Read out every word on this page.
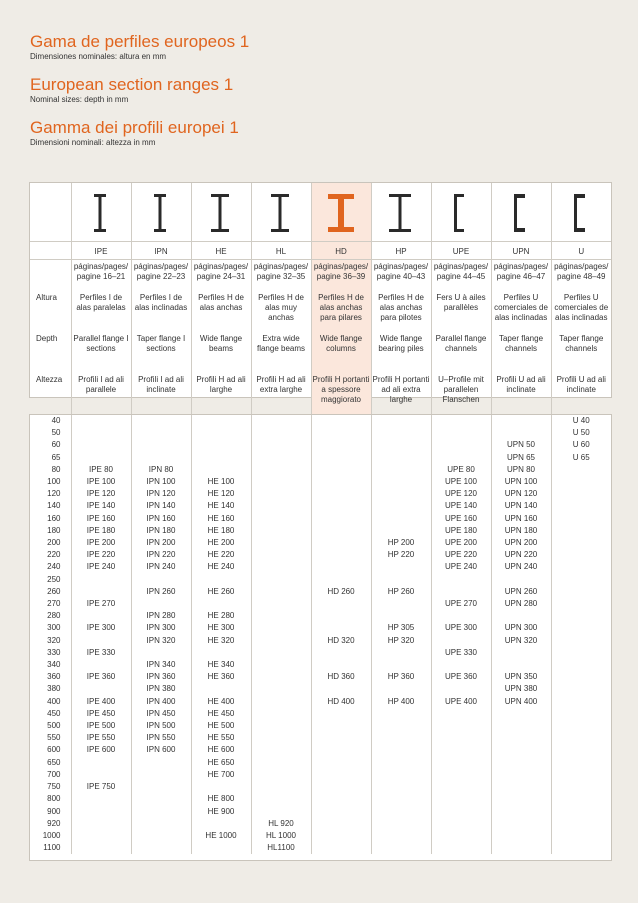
Gama de perfiles europeos 1
Dimensiones nominales: altura en mm
European section ranges 1
Nominal sizes: depth in mm
Gamma dei profili europei 1
Dimensioni nominali: altezza in mm

	IPE	IPN	HE	HL	HD	HP	UPE	UPN	U
	páginas/pages/ pagine 16–21	páginas/pages/ pagine 22–23	páginas/pages/ pagine 24–31	páginas/pages/ pagine 32–35	páginas/pages/ pagine 36–39	páginas/pages/ pagine 40–43	páginas/pages/ pagine 44–45	páginas/pages/ pagine 46–47	páginas/pages/ pagine 48–49
Altura	Perfiles I de alas paralelas	Perfiles I de alas inclinadas	Perfiles H de alas anchas	Perfiles H de alas muy anchas	Perfiles H de alas anchas para pilares	Perfiles H de alas anchas para pilotes	Fers U à ailes parallèles	Perfiles U comerciales de alas inclinadas	Perfiles U comerciales de alas inclinadas
Depth	Parallel flange I sections	Taper flange I sections	Wide flange beams	Extra wide flange beams	Wide flange columns	Wide flange bearing piles	Parallel flange channels	Taper flange channels	Taper flange channels
Altezza	Profili I ad ali parallele	Profili I ad ali inclinate	Profili H ad ali larghe	Profili H ad ali extra larghe	Profili H portanti a spessore maggiorato	Profili H portanti ad ali extra larghe	U–Profile mit parallelen Flanschen	Profili U ad ali inclinate	Profili U ad ali inclinate
40									U 40
50									U 50
60								UPN 50	U 60
65								UPN 65	U 65
80	IPE 80	IPN 80					UPE 80	UPN 80	
100	IPE 100	IPN 100	HE 100				UPE 100	UPN 100	
120	IPE 120	IPN 120	HE 120				UPE 120	UPN 120	
140	IPE 140	IPN 140	HE 140				UPE 140	UPN 140	
160	IPE 160	IPN 160	HE 160				UPE 160	UPN 160	
180	IPE 180	IPN 180	HE 180				UPE 180	UPN 180	
200	IPE 200	IPN 200	HE 200			HP 200	UPE 200	UPN 200	
220	IPE 220	IPN 220	HE 220			HP 220	UPE 220	UPN 220	
240	IPE 240	IPN 240	HE 240				UPE 240	UPN 240	
250									
260		IPN 260	HE 260		HD 260	HP 260		UPN 260	
270	IPE 270						UPE 270	UPN 280	
280		IPN 280	HE 280						
300	IPE 300	IPN 300	HE 300			HP 305	UPE 300	UPN 300	
320		IPN 320	HE 320		HD 320	HP 320		UPN 320	
330	IPE 330						UPE 330		
340		IPN 340	HE 340						
360	IPE 360	IPN 360	HE 360		HD 360	HP 360	UPE 360	UPN 350	
380		IPN 380						UPN 380	
400	IPE 400	IPN 400	HE 400		HD 400	HP 400	UPE 400	UPN 400	
450	IPE 450	IPN 450	HE 450						
500	IPE 500	IPN 500	HE 500						
550	IPE 550	IPN 550	HE 550						
600	IPE 600	IPN 600	HE 600						
650			HE 650						
700			HE 700						
750	IPE 750								
800			HE 800						
900			HE 900						
920				HL 920					
1000			HE 1000	HL 1000					
1100				HL1100					
